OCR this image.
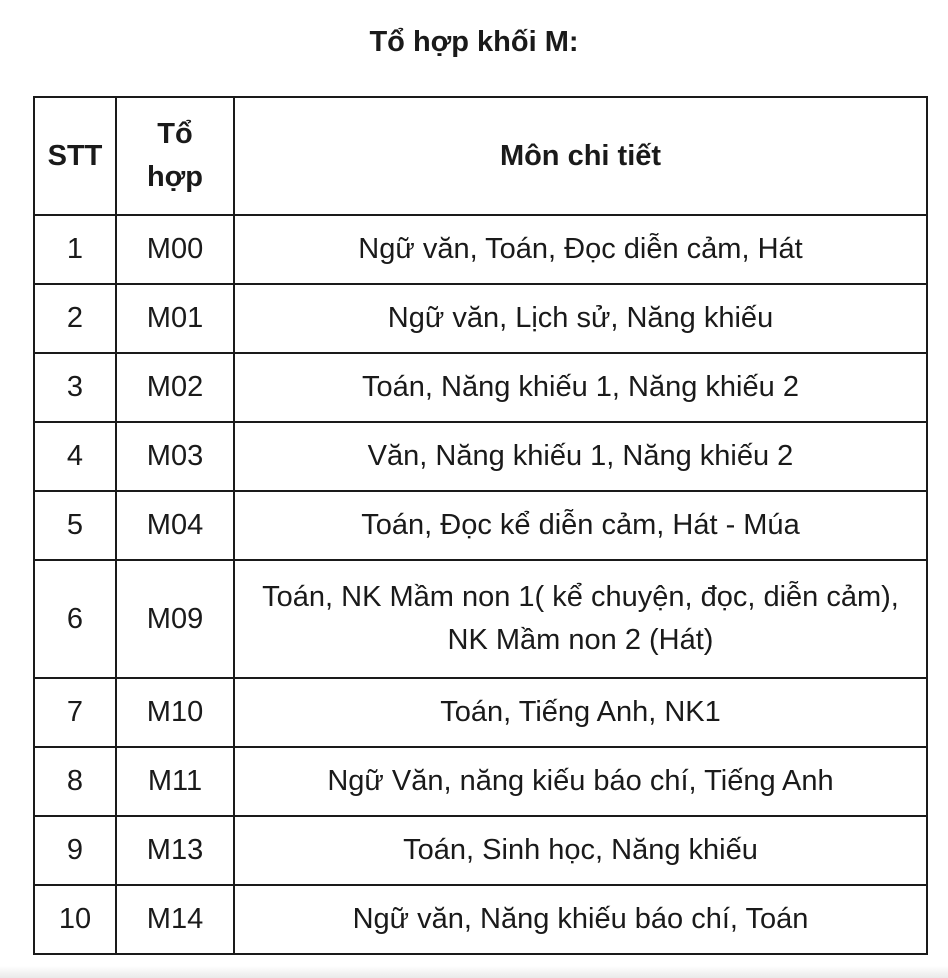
Tổ hợp khối M:
STT	Tổ hợp	Môn chi tiết
1	M00	Ngữ văn, Toán, Đọc diễn cảm, Hát
2	M01	Ngữ văn, Lịch sử, Năng khiếu
3	M02	Toán, Năng khiếu 1, Năng khiếu 2
4	M03	Văn, Năng khiếu 1, Năng khiếu 2
5	M04	Toán, Đọc kể diễn cảm, Hát - Múa
6	M09	Toán, NK Mầm non 1( kể chuyện, đọc, diễn cảm), NK Mầm non 2 (Hát)
7	M10	Toán, Tiếng Anh, NK1
8	M11	Ngữ Văn, năng kiếu báo chí, Tiếng Anh
9	M13	Toán, Sinh học, Năng khiếu
10	M14	Ngữ văn, Năng khiếu báo chí, Toán
